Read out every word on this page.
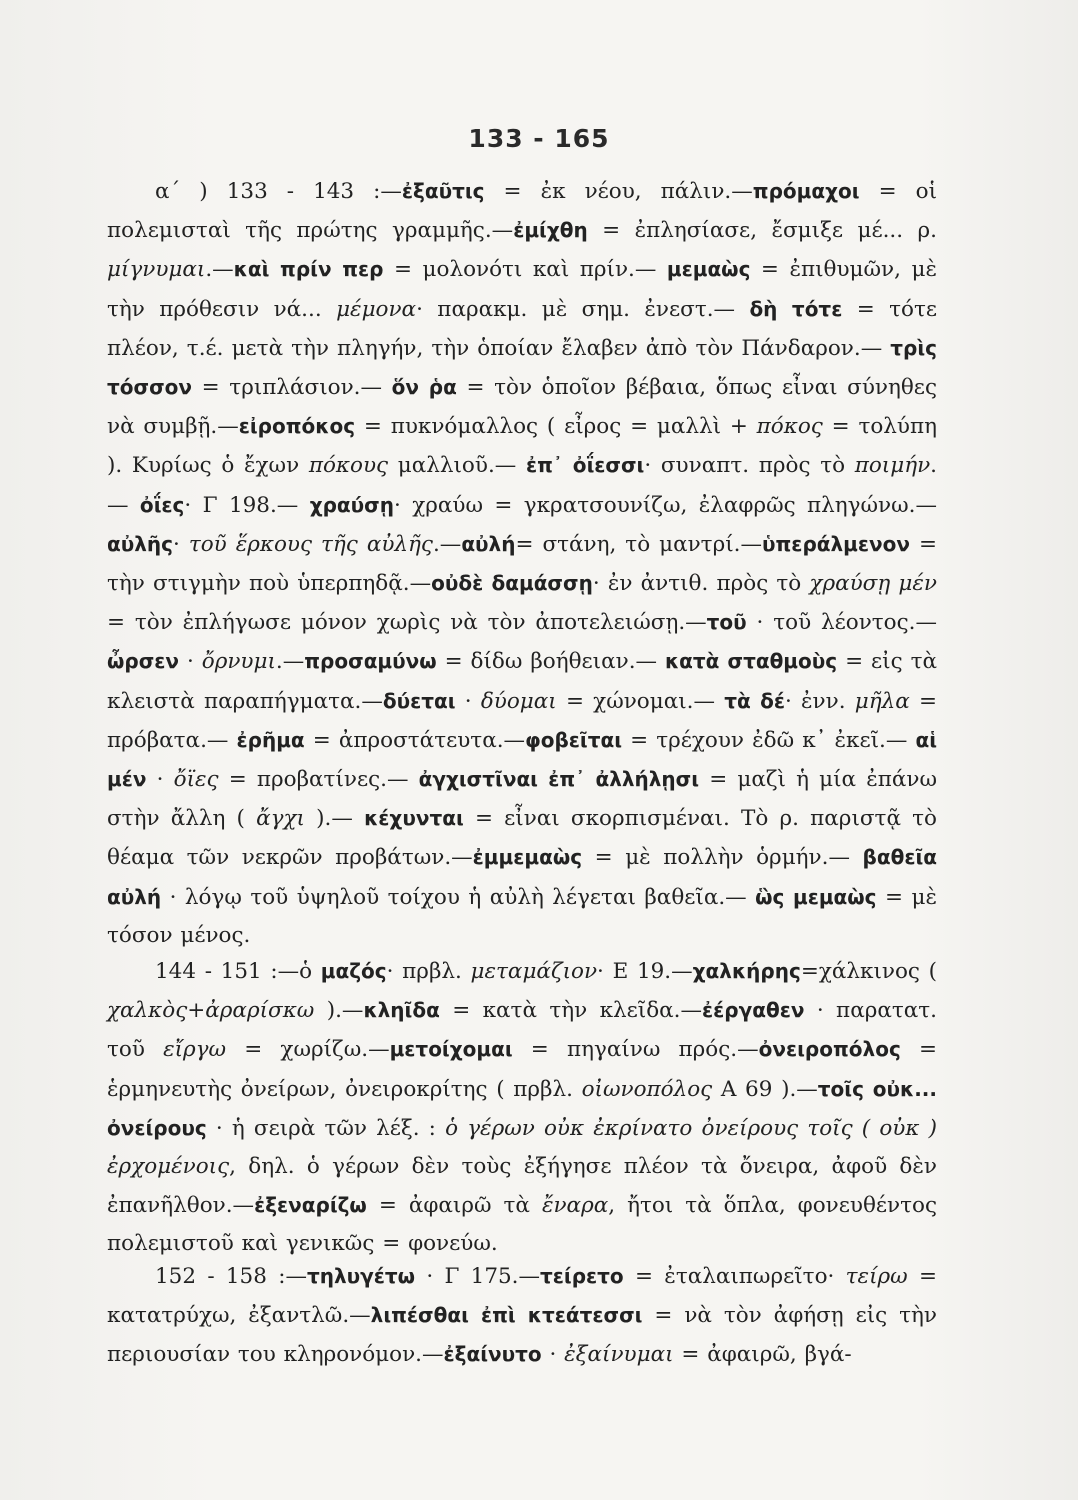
133 - 165

α΄ ) 133 - 143 :—ἐξαῦτις = ἐκ νέου, πάλιν.—πρόμαχοι = οἱ πολεμισταὶ τῆς πρώτης γραμμῆς.—ἐμίχθη = ἐπλησίασε, ἔσμιξε μέ... ρ. μίγνυμαι.—καὶ πρίν περ = μολονότι καὶ πρίν.— μεμαὼς = ἐπιθυμῶν, μὲ τὴν πρόθεσιν νά... μέμονα· παρακμ. μὲ σημ. ἐνεστ.— δὴ τότε = τότε πλέον, τ.έ. μετὰ τὴν πληγήν, τὴν ὁποίαν ἔλαβεν ἀπὸ τὸν Πάνδαρον.— τρὶς τόσσον = τριπλάσιον.— ὅν ῥα = τὸν ὁποῖον βέβαια, ὅπως εἶναι σύνηθες νὰ συμβῇ.—εἰροπόκος = πυκνόμαλλος ( εἶρος = μαλλὶ + πόκος = τολύπη ). Κυρίως ὁ ἔχων πόκους μαλλιοῦ.— ἐπ᾽ ὀΐεσσι· συναπτ. πρὸς τὸ ποιμήν.— ὀΐες· Γ 198.— χραύσῃ· χραύω = γκρατσουνίζω, ἐλαφρῶς πληγώνω.—αὐλῆς· τοῦ ἕρκους τῆς αὐλῆς.—αὐλή= στάνη, τὸ μαντρί.—ὑπεράλμενον = τὴν στιγμὴν ποὺ ὑπερπηδᾷ.—οὐδὲ δαμάσσῃ· ἐν ἀντιθ. πρὸς τὸ χραύσῃ μέν = τὸν ἐπλήγωσε μόνον χωρὶς νὰ τὸν ἀποτελειώσῃ.—τοῦ · τοῦ λέοντος.—ὦρσεν · ὄρνυμι.—προσαμύνω = δίδω βοήθειαν.— κατὰ σταθμοὺς = εἰς τὰ κλειστὰ παραπήγματα.—δύεται · δύομαι = χώνομαι.— τὰ δέ· ἐνν. μῆλα = πρόβατα.— ἐρῆμα = ἀπροστάτευτα.—φοβεῖται = τρέχουν ἐδῶ κ᾽ ἐκεῖ.— αἱ μέν · ὄϊες = προβατίνες.— ἀγχιστῖναι ἐπ᾽ ἀλλήλῃσι = μαζὶ ἡ μία ἐπάνω στὴν ἄλλη ( ἄγχι ).— κέχυνται = εἶναι σκορπισμέναι. Τὸ ρ. παριστᾷ τὸ θέαμα τῶν νεκρῶν προβάτων.—ἐμμεμαὼς = μὲ πολλὴν ὁρμήν.— βαθεῖα αὐλή · λόγῳ τοῦ ὑψηλοῦ τοίχου ἡ αὐλὴ λέγεται βαθεῖα.— ὣς μεμαὼς = μὲ τόσον μένος.

144 - 151 :—ὁ μαζός· πρβλ. μεταμάζιον· Ε 19.—χαλκήρης=χάλκινος ( χαλκὸς+ἀραρίσκω ).—κληῖδα = κατὰ τὴν κλεῖδα.—ἐέργαθεν · παρατατ. τοῦ εἴργω = χωρίζω.—μετοίχομαι = πηγαίνω πρός.—ὀνειροπόλος = ἑρμηνευτὴς ὀνείρων, ὀνειροκρίτης ( πρβλ. οἰωνοπόλος Α 69 ).—τοῖς οὐκ... ὀνείρους · ἡ σειρὰ τῶν λέξ. : ὁ γέρων οὐκ ἐκρίνατο ὀνείρους τοῖς ( οὐκ ) ἐρχομένοις, δηλ. ὁ γέρων δὲν τοὺς ἐξήγησε πλέον τὰ ὄνειρα, ἀφοῦ δὲν ἐπανῆλθον.—ἐξεναρίζω = ἀφαιρῶ τὰ ἔναρα, ἤτοι τὰ ὅπλα, φονευθέντος πολεμιστοῦ καὶ γενικῶς = φονεύω.

152 - 158 :—τηλυγέτω · Γ 175.—τείρετο = ἐταλαιπωρεῖτο· τείρω = κατατρύχω, ἐξαντλῶ.—λιπέσθαι ἐπὶ κτεάτεσσι = νὰ τὸν ἀφήσῃ εἰς τὴν περιουσίαν του κληρονόμον.—ἐξαίνυτο · ἐξαίνυμαι = ἀφαιρῶ, βγά-
